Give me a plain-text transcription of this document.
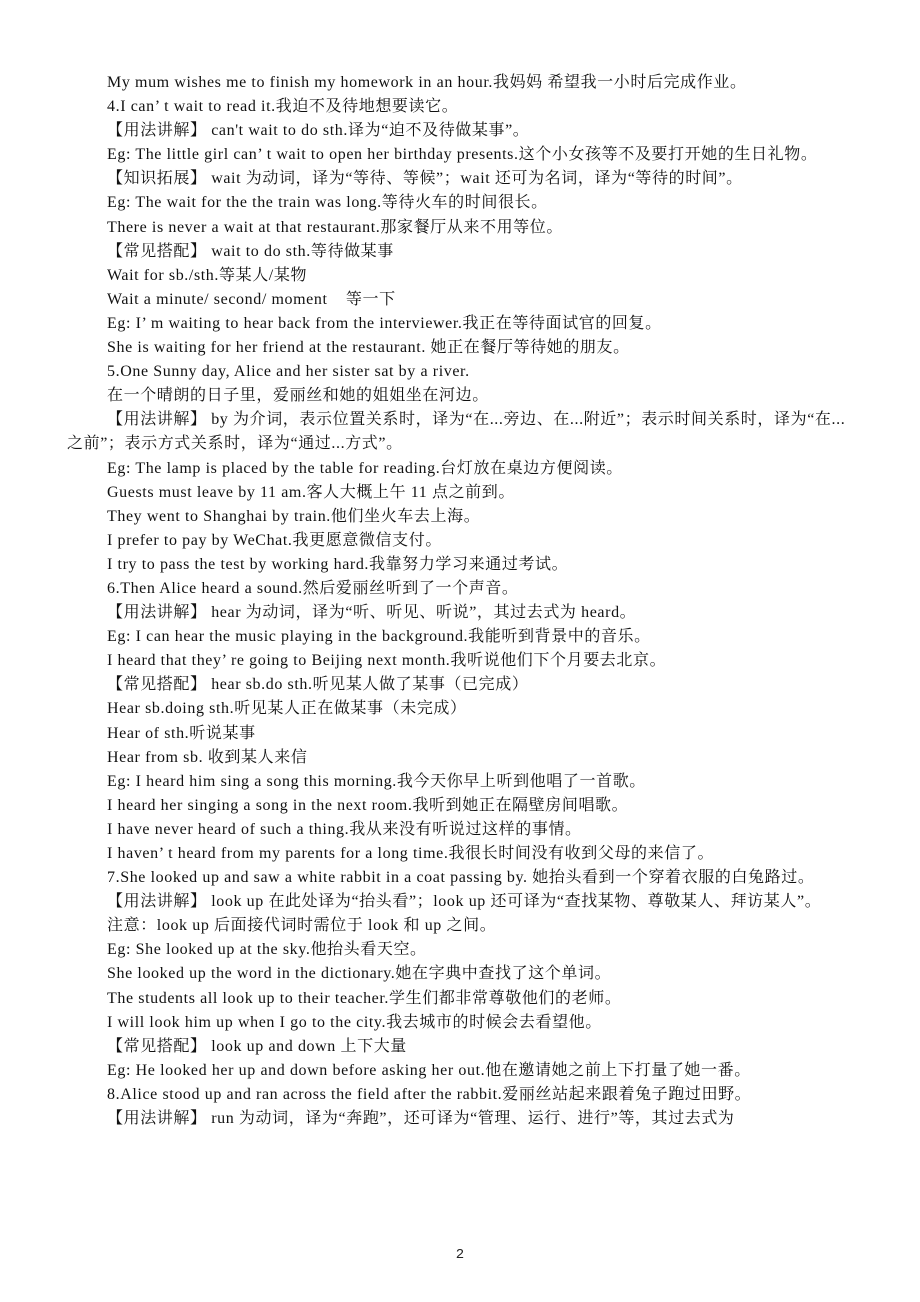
My mum wishes me to finish my homework in an hour.我妈妈 希望我一小时后完成作业。
4.I can’ t wait to read it.我迫不及待地想要读它。
【用法讲解】 can't wait to do sth.译为“迫不及待做某事”。
Eg: The little girl can’ t wait to open her birthday presents.这个小女孩等不及要打开她的生日礼物。
【知识拓展】 wait 为动词，译为“等待、等候”；wait 还可为名词，译为“等待的时间”。
Eg: The wait for the the train was long.等待火车的时间很长。
There is never a wait at that restaurant.那家餐厅从来不用等位。
【常见搭配】 wait to do sth.等待做某事
Wait for sb./sth.等某人/某物
Wait a minute/ second/ moment    等一下
Eg: I’ m waiting to hear back from the interviewer.我正在等待面试官的回复。
She is waiting for her friend at the restaurant. 她正在餐厅等待她的朋友。
5.One Sunny day, Alice and her sister sat by a river.
在一个晴朗的日子里，爱丽丝和她的姐姐坐在河边。
【用法讲解】 by 为介词，表示位置关系时，译为“在...旁边、在...附近”；表示时间关系时，译为“在...之前”；表示方式关系时，译为“通过...方式”。
Eg: The lamp is placed by the table for reading.台灯放在桌边方便阅读。
Guests must leave by 11 am.客人大概上午 11 点之前到。
They went to Shanghai by train.他们坐火车去上海。
I prefer to pay by WeChat.我更愿意微信支付。
I try to pass the test by working hard.我靠努力学习来通过考试。
6.Then Alice heard a sound.然后爱丽丝听到了一个声音。
【用法讲解】 hear 为动词，译为“听、听见、听说”，其过去式为 heard。
Eg: I can hear the music playing in the background.我能听到背景中的音乐。
I heard that they’ re going to Beijing next month.我听说他们下个月要去北京。
【常见搭配】 hear sb.do sth.听见某人做了某事（已完成）
Hear sb.doing sth.听见某人正在做某事（未完成）
Hear of sth.听说某事
Hear from sb. 收到某人来信
Eg: I heard him sing a song this morning.我今天你早上听到他唱了一首歌。
I heard her singing a song in the next room.我听到她正在隔壁房间唱歌。
I have never heard of such a thing.我从来没有听说过这样的事情。
I haven’ t heard from my parents for a long time.我很长时间没有收到父母的来信了。
7.She looked up and saw a white rabbit in a coat passing by. 她抬头看到一个穿着衣服的白兔路过。
【用法讲解】 look up 在此处译为“抬头看”；look up 还可译为“查找某物、尊敬某人、拜访某人”。
注意：look up 后面接代词时需位于 look 和 up 之间。
Eg: She looked up at the sky.他抬头看天空。
She looked up the word in the dictionary.她在字典中查找了这个单词。
The students all look up to their teacher.学生们都非常尊敬他们的老师。
I will look him up when I go to the city.我去城市的时候会去看望他。
【常见搭配】 look up and down 上下大量
Eg: He looked her up and down before asking her out.他在邀请她之前上下打量了她一番。
8.Alice stood up and ran across the field after the rabbit.爱丽丝站起来跟着兔子跑过田野。
【用法讲解】 run 为动词，译为“奔跑”，还可译为“管理、运行、进行”等，其过去式为
2
